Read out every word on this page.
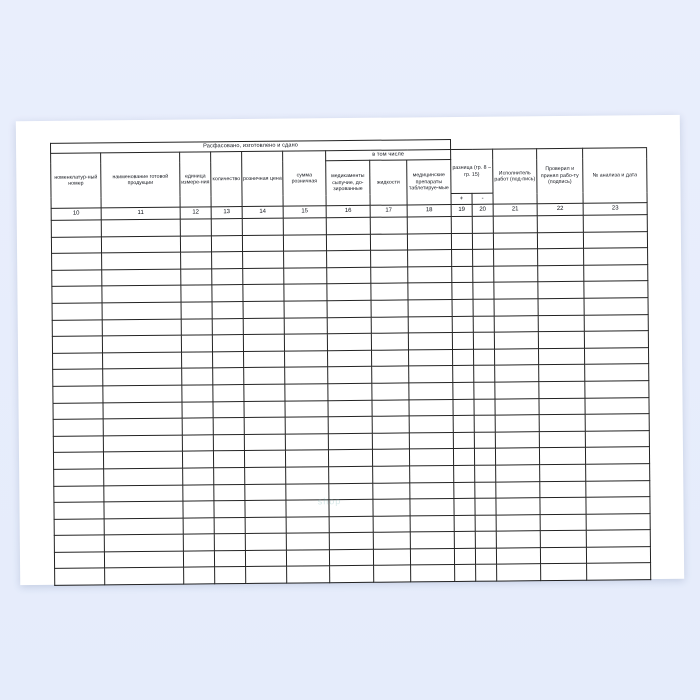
Расфасовано, изготовлено и сдано													
номенклатур-ный номер	наименование готовой продукции	единица измере-ния	количество	розничная цена	сумма розничная	в том числе			разница (гр. 8 – гр. 15)		Исполнитель работ (под-пись)	Проверил и принял рабо-ту (подпись)	№ анализа и дата
						медикаменты сыпучие, до-зированные	жидкости	медицинские препараты таблетируе-мые					
									+	-			
10	11	12	13	14	15	16	17	18	19	20	21	22	23

shop
